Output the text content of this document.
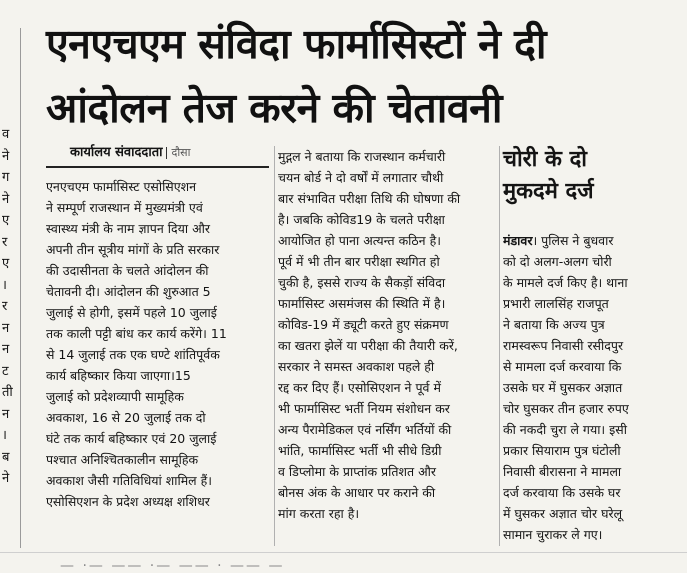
व
ने
ग
ने
ए
र
ए
।
र
न
न
ट
ती
न
।
ब
ने
एनएचएम संविदा फार्मासिस्टों ने दी
आंदोलन तेज करने की चेतावनी
कार्यालय संवाददाता दौसा
एनएचएम फार्मासिस्ट एसोसिएशन
ने सम्पूर्ण राजस्थान में मुख्यमंत्री एवं
स्वास्थ्य मंत्री के नाम ज्ञापन दिया और
अपनी तीन सूत्रीय मांगों के प्रति सरकार
की उदासीनता के चलते आंदोलन की
चेतावनी दी। आंदोलन की शुरुआत 5
जुलाई से होगी, इसमें पहले 10 जुलाई
तक काली पट्टी बांध कर कार्य करेंगे। 11
से 14 जुलाई तक एक घण्टे शांतिपूर्वक
कार्य बहिष्कार किया जाएगा।15
जुलाई को प्रदेशव्यापी सामूहिक
अवकाश, 16 से 20 जुलाई तक दो
घंटे तक कार्य बहिष्कार एवं 20 जुलाई
पश्चात अनिश्चितकालीन सामूहिक
अवकाश जैसी गतिविधियां शामिल हैं।
एसोसिएशन के प्रदेश अध्यक्ष शशिधर
मुद्गल ने बताया कि राजस्थान कर्मचारी
चयन बोर्ड ने दो वर्षों में लगातार चौथी
बार संभावित परीक्षा तिथि की घोषणा की
है। जबकि कोविड19 के चलते परीक्षा
आयोजित हो पाना अत्यन्त कठिन है।
पूर्व में भी तीन बार परीक्षा स्थगित हो
चुकी है, इससे राज्य के सैकड़ों संविदा
फार्मासिस्ट असमंजस की स्थिति में है।
कोविड-19 में ड्यूटी करते हुए संक्रमण
का खतरा झेलें या परीक्षा की तैयारी करें,
सरकार ने समस्त अवकाश पहले ही
रद्द कर दिए हैं। एसोसिएशन ने पूर्व में
भी फार्मासिस्ट भर्ती नियम संशोधन कर
अन्य पैरामेडिकल एवं नर्सिंग भर्तियों की
भांति, फार्मासिस्ट भर्ती भी सीधे डिग्री
व डिप्लोमा के प्राप्तांक प्रतिशत और
बोनस अंक के आधार पर कराने की
मांग करता रहा है।
चोरी के दो
मुकदमे दर्ज
मंडावर। पुलिस ने बुधवार
को दो अलग-अलग चोरी
के मामले दर्ज किए है। थाना
प्रभारी लालसिंह राजपूत
ने बताया कि अज्य पुत्र
रामस्वरूप निवासी रसीदपुर
से मामला दर्ज करवाया कि
उसके घर में घुसकर अज्ञात
चोर घुसकर तीन हजार रुपए
की नकदी चुरा ले गया। इसी
प्रकार सियाराम पुत्र घंटोली
निवासी बीरासना ने मामला
दर्ज करवाया कि उसके घर
में घुसकर अज्ञात चोर घरेलू
सामान चुराकर ले गए।
— ·— —— ·— —— · —— —
